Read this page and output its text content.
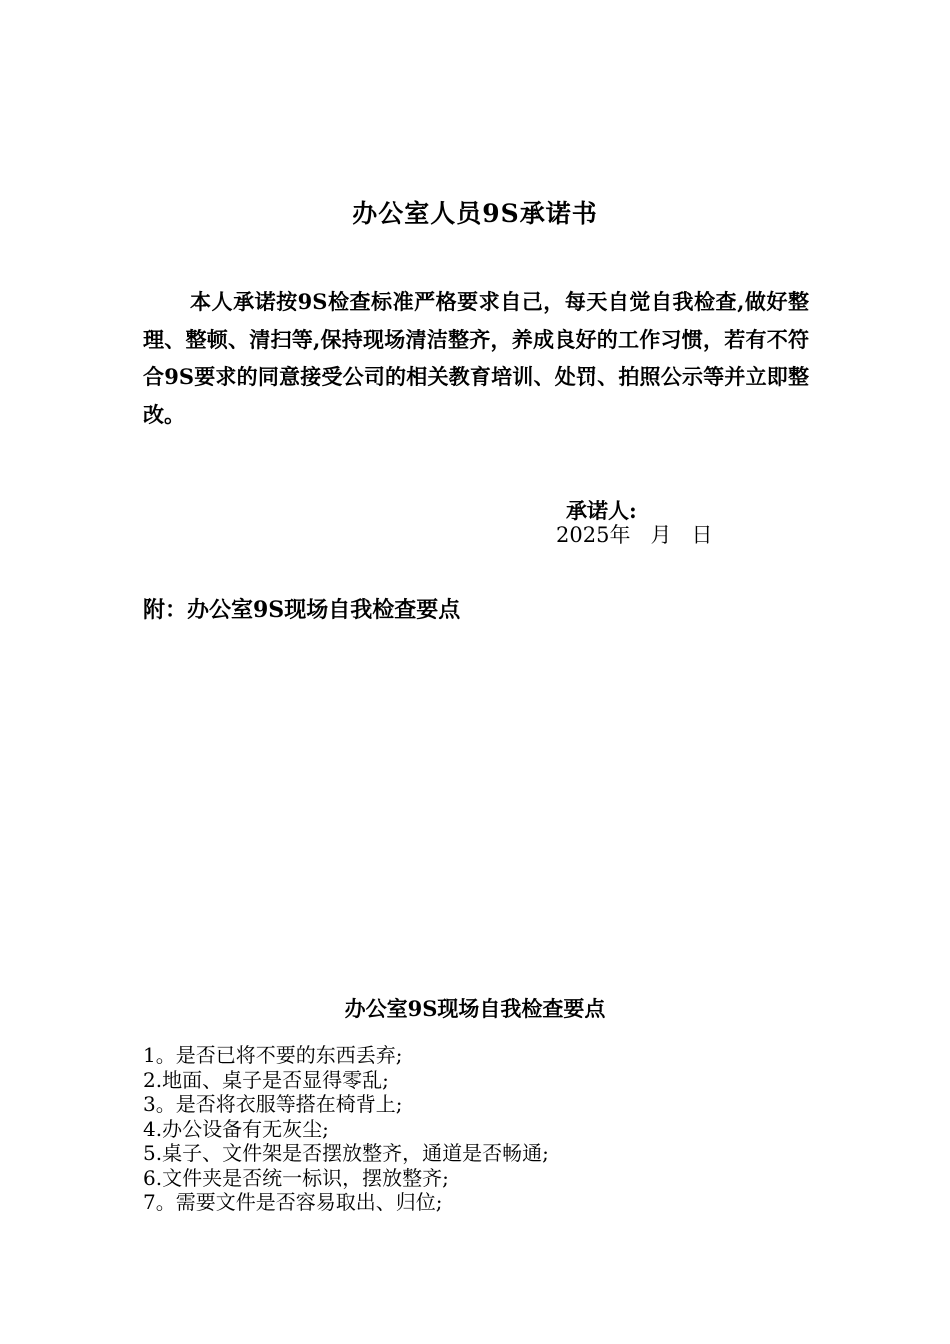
办公室人员9S承诺书

本人承诺按9S检查标准严格要求自己，每天自觉自我检查,做好整理、整顿、清扫等,保持现场清洁整齐，养成良好的工作习惯，若有不符合9S要求的同意接受公司的相关教育培训、处罚、拍照公示等并立即整改。

承诺人:

2025年   月   日

附：办公室9S现场自我检查要点

办公室9S现场自我检查要点
1。是否已将不要的东西丢弃;
2.地面、桌子是否显得零乱;
3。是否将衣服等搭在椅背上;
4.办公设备有无灰尘;
5.桌子、文件架是否摆放整齐，通道是否畅通;
6.文件夹是否统一标识，摆放整齐;
7。需要文件是否容易取出、归位;
